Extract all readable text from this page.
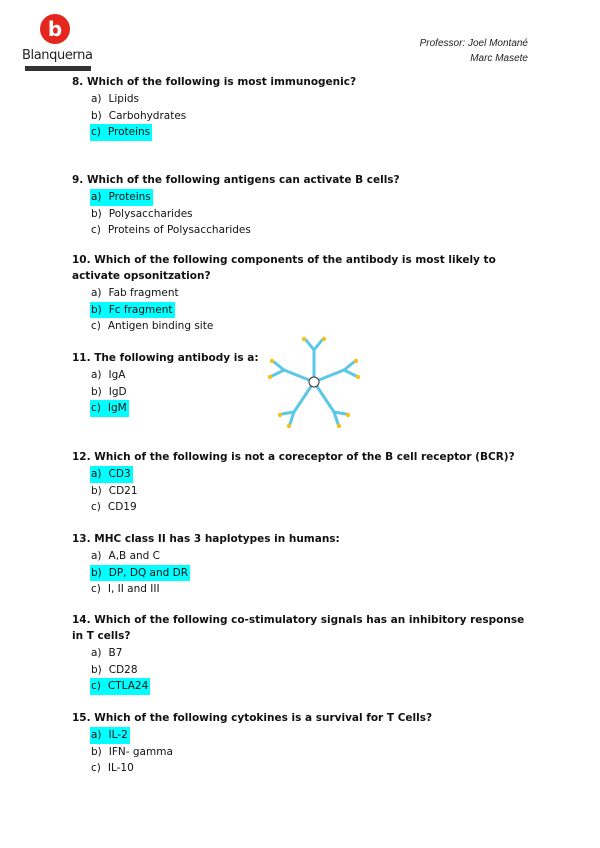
b
Blanquerna
Professor: Joel Montané
Marc Masete

8. Which of the following is most immunogenic?

a) Lipids
b) Carbohydrates
c) Proteins

9. Which of the following antigens can activate B cells?

a) Proteins
b) Polysaccharides
c) Proteins of Polysaccharides

10. Which of the following components of the antibody is most likely to activate opsonitzation?

a) Fab fragment
b) Fc fragment
c) Antigen binding site

11. The following antibody is a:

a) IgA
b) IgD
c) IgM

12. Which of the following is not a coreceptor of the B cell receptor (BCR)?

a) CD3
b) CD21
c) CD19

13. MHC class II has 3 haplotypes in humans:

a) A,B and C
b) DP, DQ and DR
c) I, II and III

14. Which of the following co-stimulatory signals has an inhibitory response in T cells?

a) B7
b) CD28
c) CTLA24

15. Which of the following cytokines is a survival for T Cells?

a) IL-2
b) IFN- gamma
c) IL-10
